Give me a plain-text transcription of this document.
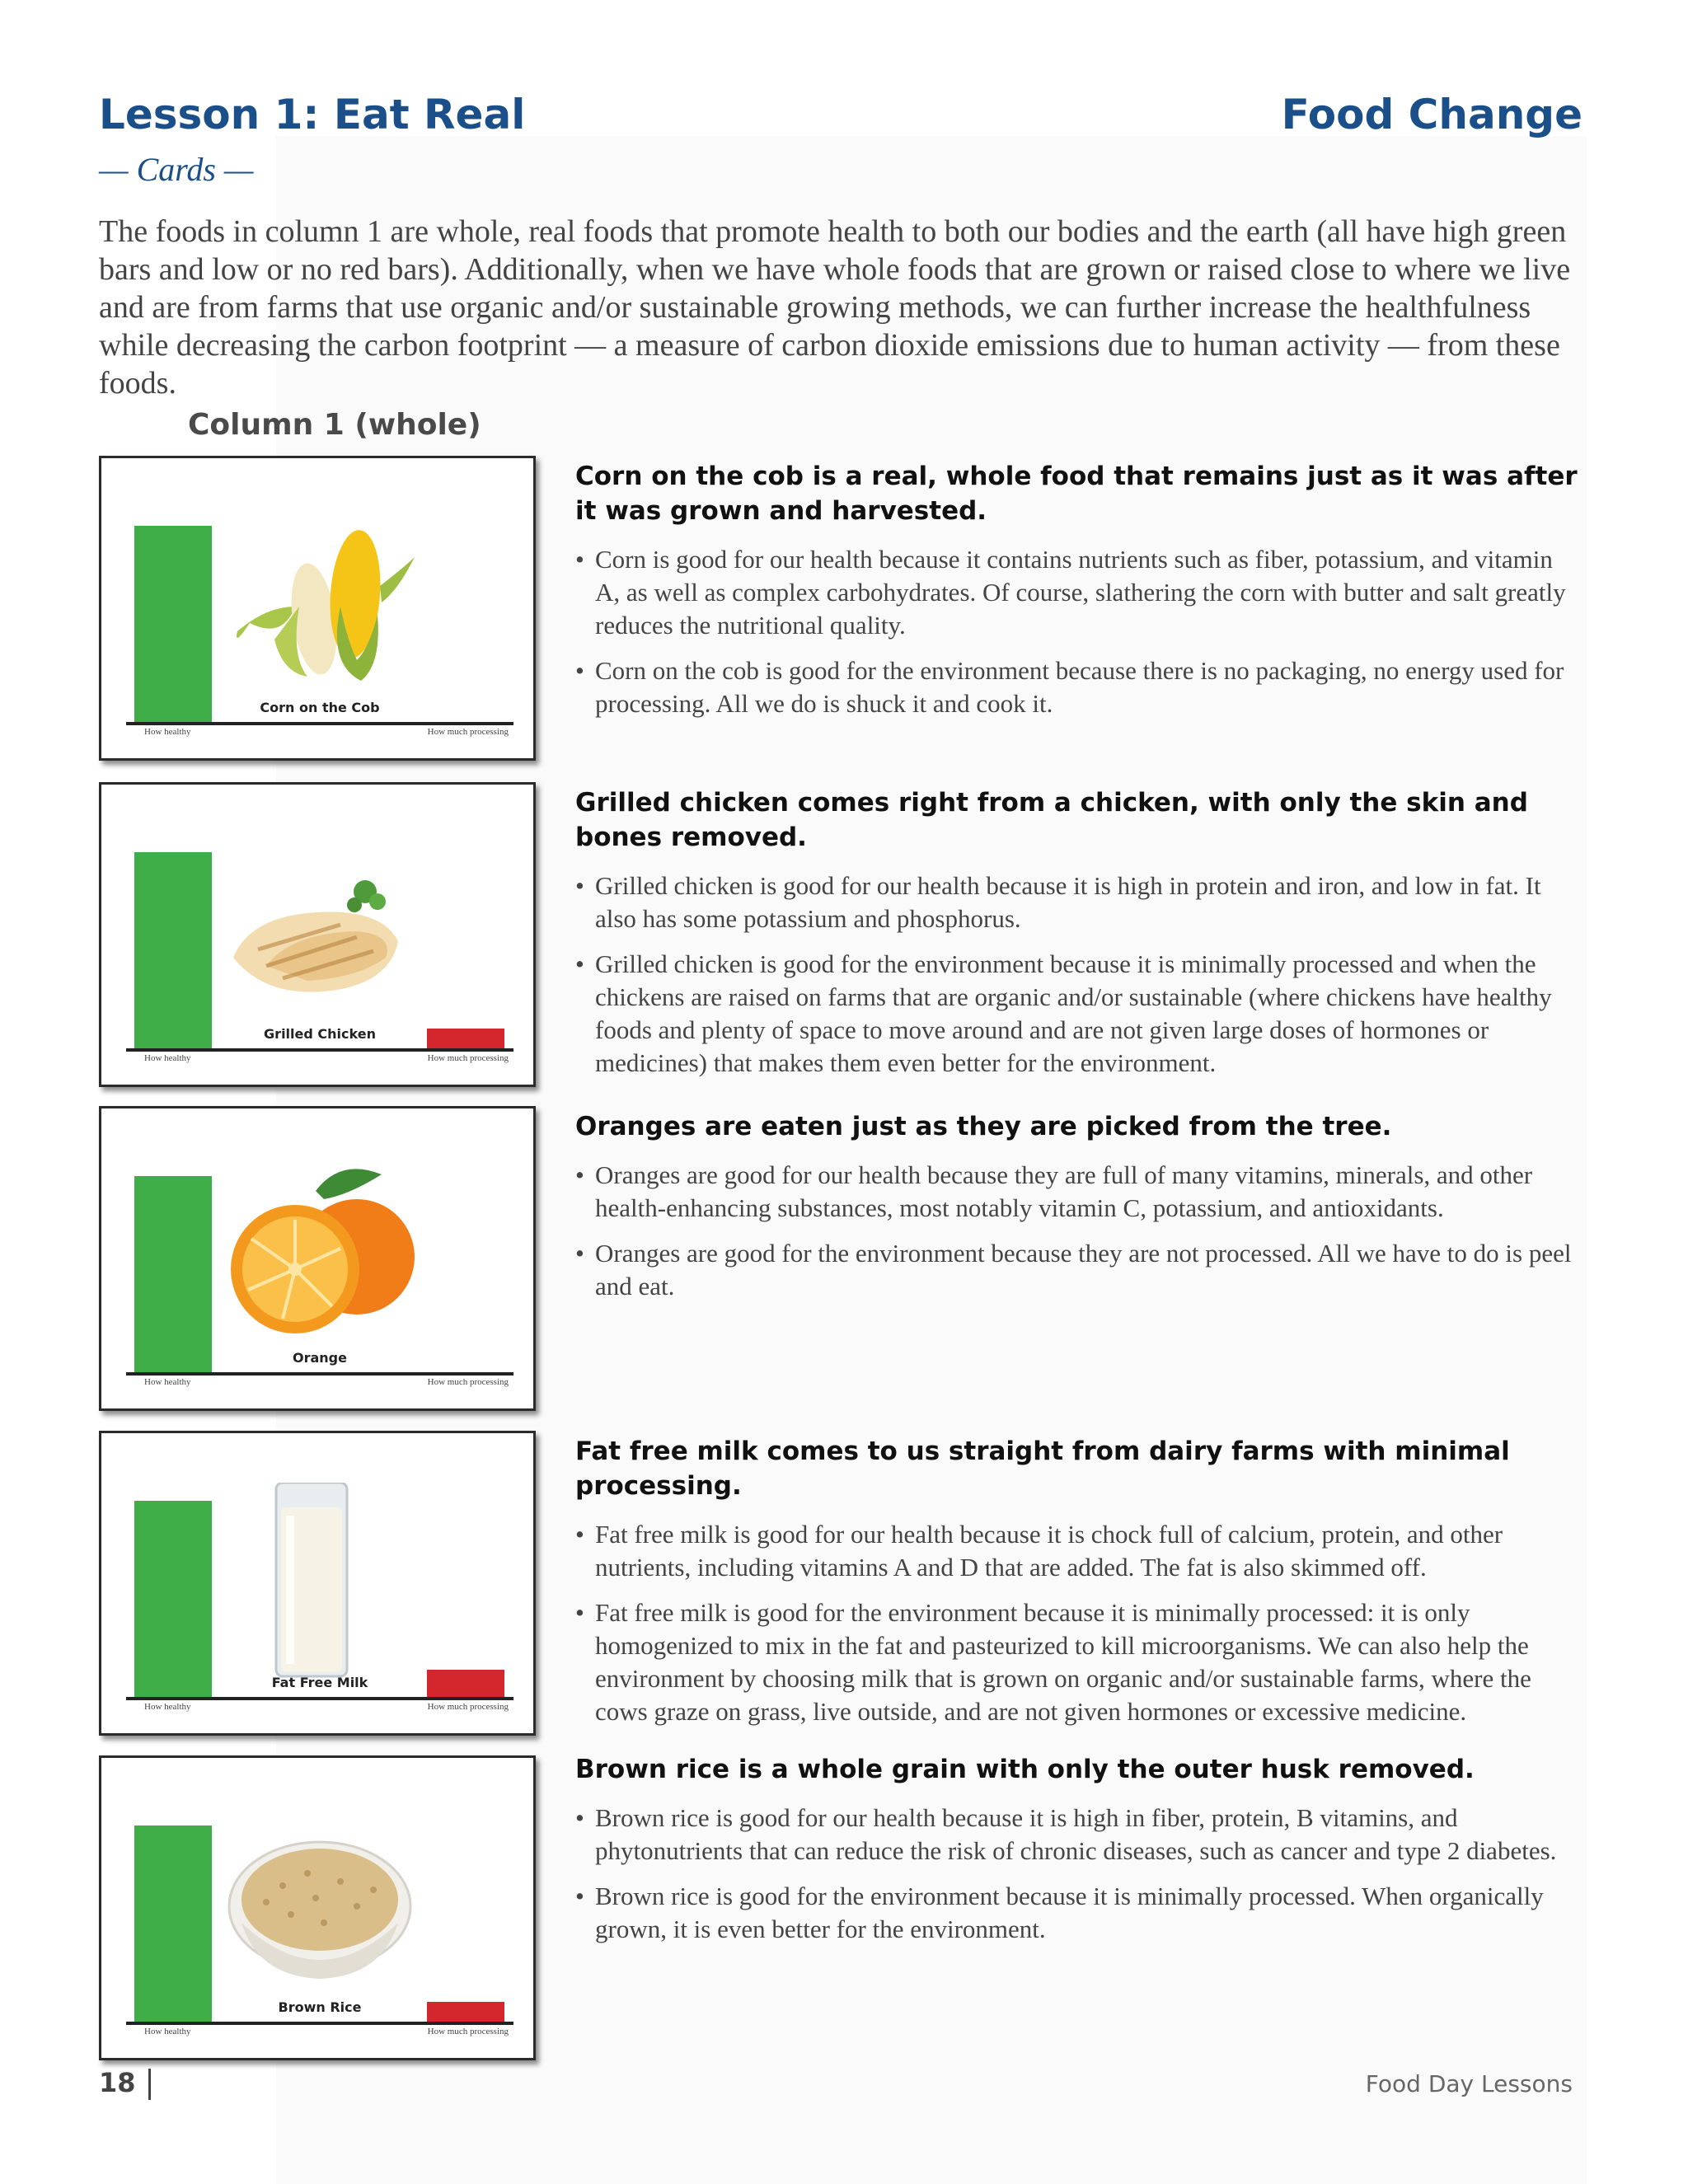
Lesson 1: Eat Real	Food Change
— Cards —

The foods in column 1 are whole, real foods that promote health to both our bodies and the earth (all have high green bars and low or no red bars). Additionally, when we have whole foods that are grown or raised close to where we live and are from farms that use organic and/or sustainable growing methods, we can further increase the healthfulness while decreasing the carbon footprint — a measure of carbon dioxide emissions due to human activity — from these foods.

Column 1 (whole)
Corn on the Cob
How healthy	How much processing

Corn on the cob is a real, whole food that remains just as it was after it was grown and harvested.

• Corn is good for our health because it contains nutrients such as fiber, potassium, and vitamin A, as well as complex carbohydrates. Of course, slathering the corn with butter and salt greatly reduces the nutritional quality.

• Corn on the cob is good for the environment because there is no packaging, no energy used for processing. All we do is shuck it and cook it.

Grilled Chicken
How healthy	How much processing

Grilled chicken comes right from a chicken, with only the skin and bones removed.

• Grilled chicken is good for our health because it is high in protein and iron, and low in fat. It also has some potassium and phosphorus.

• Grilled chicken is good for the environment because it is minimally processed and when the chickens are raised on farms that are organic and/or sustainable (where chickens have healthy foods and plenty of space to move around and are not given large doses of hormones or medicines) that makes them even better for the environment.

Orange
How healthy	How much processing

Oranges are eaten just as they are picked from the tree.

• Oranges are good for our health because they are full of many vitamins, minerals, and other health-enhancing substances, most notably vitamin C, potassium, and antioxidants.

• Oranges are good for the environment because they are not processed. All we have to do is peel and eat.

Fat Free Milk
How healthy	How much processing

Fat free milk comes to us straight from dairy farms with minimal processing.

• Fat free milk is good for our health because it is chock full of calcium, protein, and other nutrients, including vitamins A and D that are added. The fat is also skimmed off.

• Fat free milk is good for the environment because it is minimally processed: it is only homogenized to mix in the fat and pasteurized to kill microorganisms. We can also help the environment by choosing milk that is grown on organic and/or sustainable farms, where the cows graze on grass, live outside, and are not given hormones or excessive medicine.

Brown Rice
How healthy	How much processing

Brown rice is a whole grain with only the outer husk removed.

• Brown rice is good for our health because it is high in fiber, protein, B vitamins, and phytonutrients that can reduce the risk of chronic diseases, such as cancer and type 2 diabetes.

• Brown rice is good for the environment because it is minimally processed. When organically grown, it is even better for the environment.

18	Food Day Lessons
